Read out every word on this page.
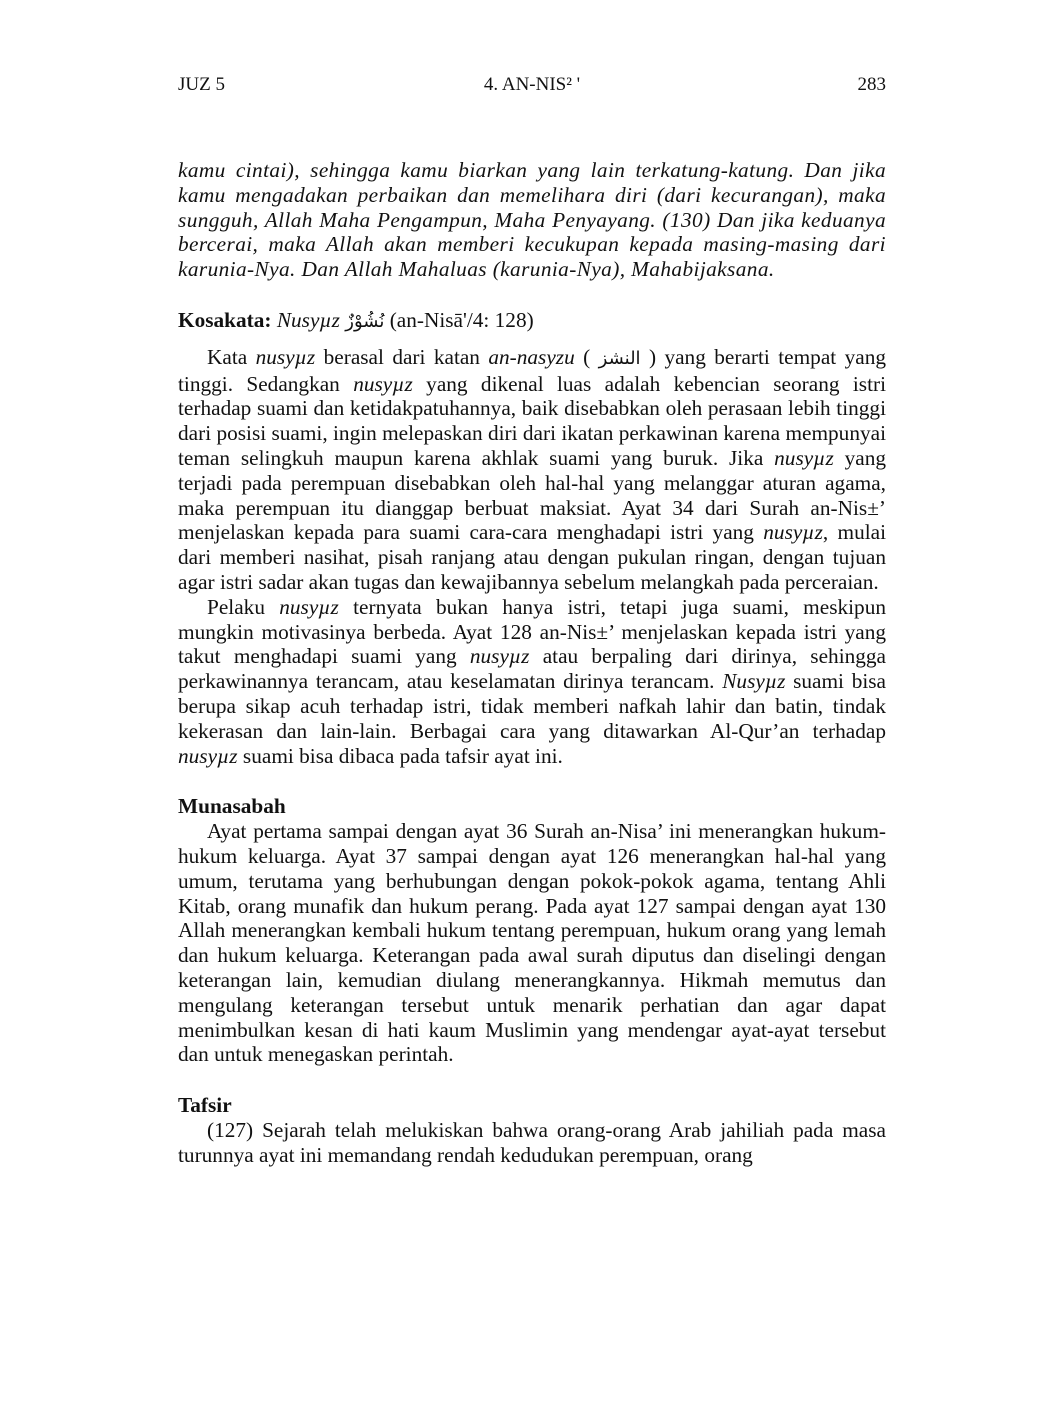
JUZ 5	4. AN-NIS² '	283

kamu cintai), sehingga kamu biarkan yang lain terkatung-katung. Dan jika kamu mengadakan perbaikan dan memelihara diri (dari kecurangan), maka sungguh, Allah Maha Pengampun, Maha Penyayang. (130) Dan jika keduanya bercerai, maka Allah akan memberi kecukupan kepada masing-masing dari karunia-Nya. Dan Allah Mahaluas (karunia-Nya), Mahabijaksana.

Kosakata: Nusyµz نُشُوْزٌ (an-Nisā'/4: 128)

Kata nusyµz berasal dari katan an-nasyzu ( النشز ) yang berarti tempat yang tinggi. Sedangkan nusyµz yang dikenal luas adalah kebencian seorang istri terhadap suami dan ketidakpatuhannya, baik disebabkan oleh perasaan lebih tinggi dari posisi suami, ingin melepaskan diri dari ikatan perkawinan karena mempunyai teman selingkuh maupun karena akhlak suami yang buruk. Jika nusyµz yang terjadi pada perempuan disebabkan oleh hal-hal yang melanggar aturan agama, maka perempuan itu dianggap berbuat maksiat. Ayat 34 dari Surah an-Nis±’ menjelaskan kepada para suami cara-cara menghadapi istri yang nusyµz, mulai dari memberi nasihat, pisah ranjang atau dengan pukulan ringan, dengan tujuan agar istri sadar akan tugas dan kewajibannya sebelum melangkah pada perceraian.

Pelaku nusyµz ternyata bukan hanya istri, tetapi juga suami, meskipun mungkin motivasinya berbeda. Ayat 128 an-Nis±’ menjelaskan kepada istri yang takut menghadapi suami yang nusyµz atau berpaling dari dirinya, sehingga perkawinannya terancam, atau keselamatan dirinya terancam. Nusyµz suami bisa berupa sikap acuh terhadap istri, tidak memberi nafkah lahir dan batin, tindak kekerasan dan lain-lain. Berbagai cara yang ditawarkan Al-Qur’an terhadap nusyµz suami bisa dibaca pada tafsir ayat ini.

Munasabah

Ayat pertama sampai dengan ayat 36 Surah an-Nisa’ ini menerangkan hukum-hukum keluarga. Ayat 37 sampai dengan ayat 126 menerangkan hal-hal yang umum, terutama yang berhubungan dengan pokok-pokok agama, tentang Ahli Kitab, orang munafik dan hukum perang. Pada ayat 127 sampai dengan ayat 130 Allah menerangkan kembali hukum tentang perempuan, hukum orang yang lemah dan hukum keluarga. Keterangan pada awal surah diputus dan diselingi dengan keterangan lain, kemudian diulang menerangkannya. Hikmah memutus dan mengulang keterangan tersebut untuk menarik perhatian dan agar dapat menimbulkan kesan di hati kaum Muslimin yang mendengar ayat-ayat tersebut dan untuk menegaskan perintah.

Tafsir

(127) Sejarah telah melukiskan bahwa orang-orang Arab jahiliah pada masa turunnya ayat ini memandang rendah kedudukan perempuan, orang
